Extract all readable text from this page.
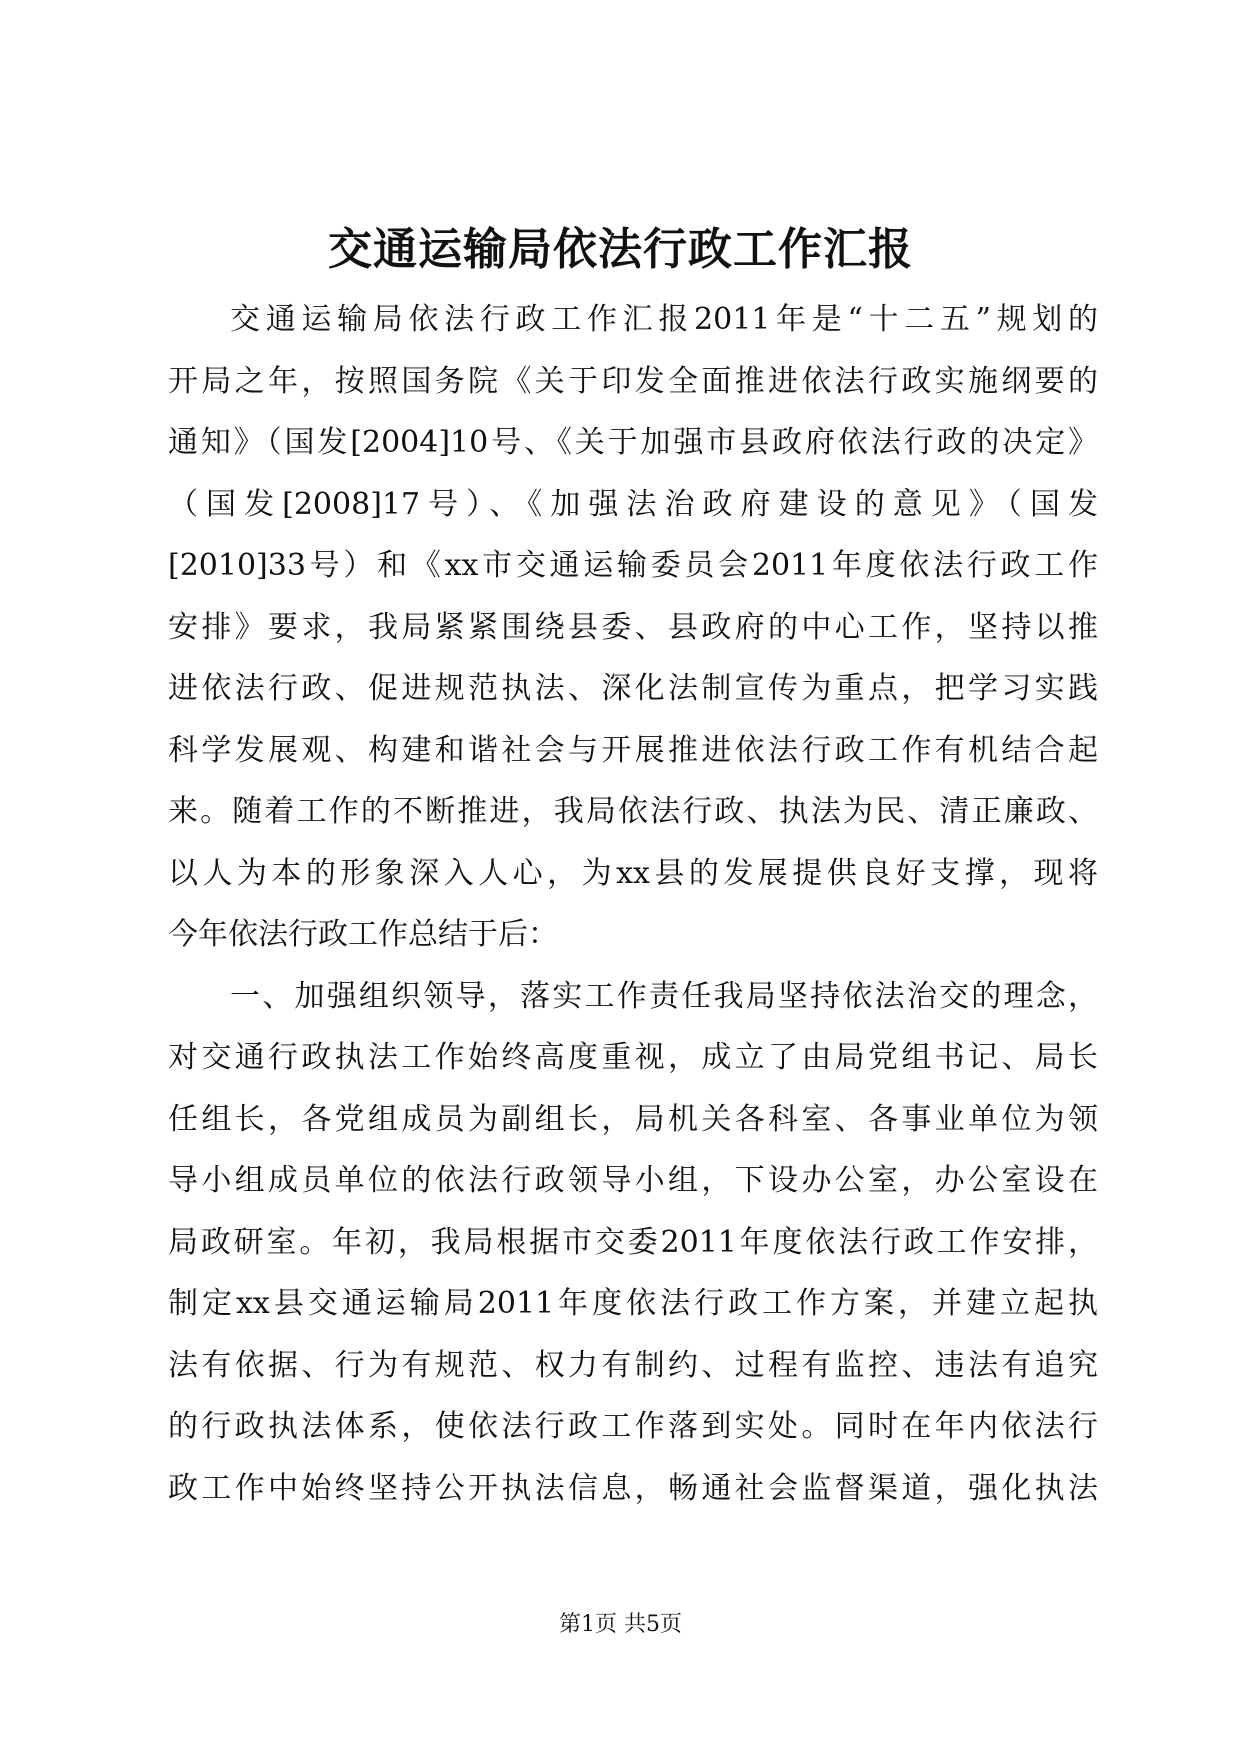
交通运输局依法行政工作汇报
交通运输局依法行政工作汇报2011年是“十二五”规划的
开局之年，按照国务院《关于印发全面推进依法行政实施纲要的
通知》（国发[2004]10号、《关于加强市县政府依法行政的决定》
（国发[2008]17号）、《加强法治政府建设的意见》（国发
[2010]33号）和《xx市交通运输委员会2011年度依法行政工作
安排》要求，我局紧紧围绕县委、县政府的中心工作，坚持以推
进依法行政、促进规范执法、深化法制宣传为重点，把学习实践
科学发展观、构建和谐社会与开展推进依法行政工作有机结合起
来。随着工作的不断推进，我局依法行政、执法为民、清正廉政、
以人为本的形象深入人心，为xx县的发展提供良好支撑，现将
今年依法行政工作总结于后：
一、加强组织领导，落实工作责任我局坚持依法治交的理念，
对交通行政执法工作始终高度重视，成立了由局党组书记、局长
任组长，各党组成员为副组长，局机关各科室、各事业单位为领
导小组成员单位的依法行政领导小组，下设办公室，办公室设在
局政研室。年初，我局根据市交委2011年度依法行政工作安排，
制定xx县交通运输局2011年度依法行政工作方案，并建立起执
法有依据、行为有规范、权力有制约、过程有监控、违法有追究
的行政执法体系，使依法行政工作落到实处。同时在年内依法行
政工作中始终坚持公开执法信息，畅通社会监督渠道，强化执法
第1页 共5页
